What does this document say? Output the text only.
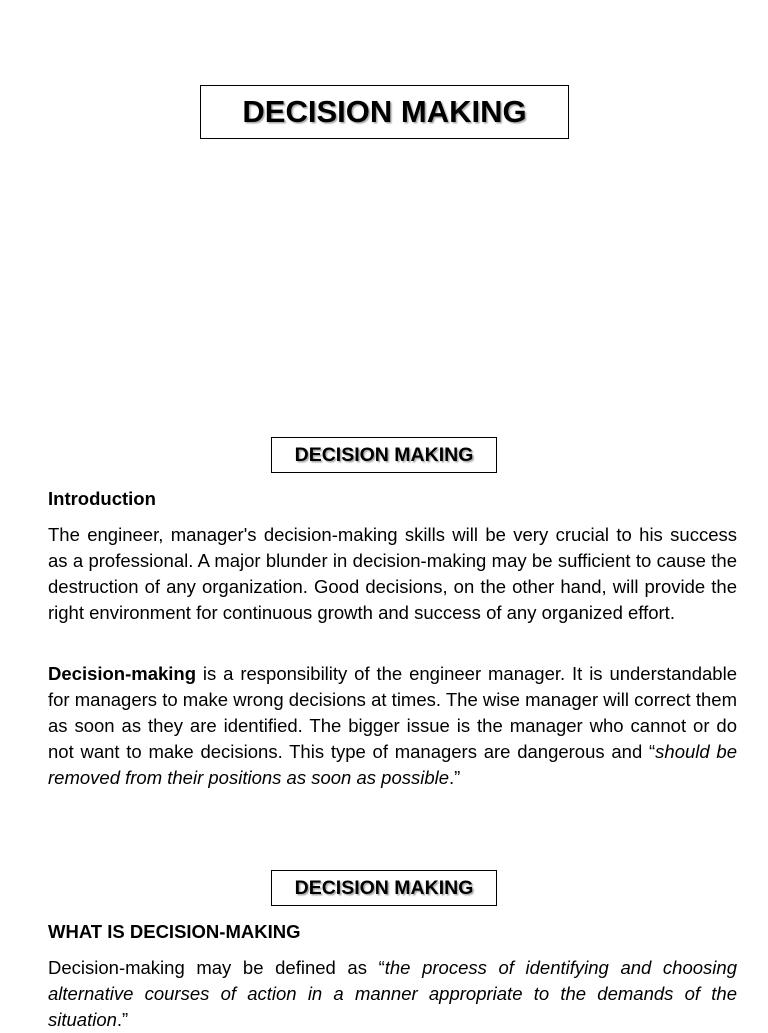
DECISION MAKING
DECISION MAKING
Introduction

The engineer, manager's decision-making skills will be very crucial to his success as a professional. A major blunder in decision-making may be sufficient to cause the destruction of any organization. Good decisions, on the other hand, will provide the right environment for continuous growth and success of any organized effort.

Decision-making is a responsibility of the engineer manager. It is understandable for managers to make wrong decisions at times. The wise manager will correct them as soon as they are identified. The bigger issue is the manager who cannot or do not want to make decisions. This type of managers are dangerous and “should be removed from their positions as soon as possible.”

DECISION MAKING
WHAT IS DECISION-MAKING

Decision-making may be defined as “the process of identifying and choosing alternative courses of action in a manner appropriate to the demands of the situation.”
